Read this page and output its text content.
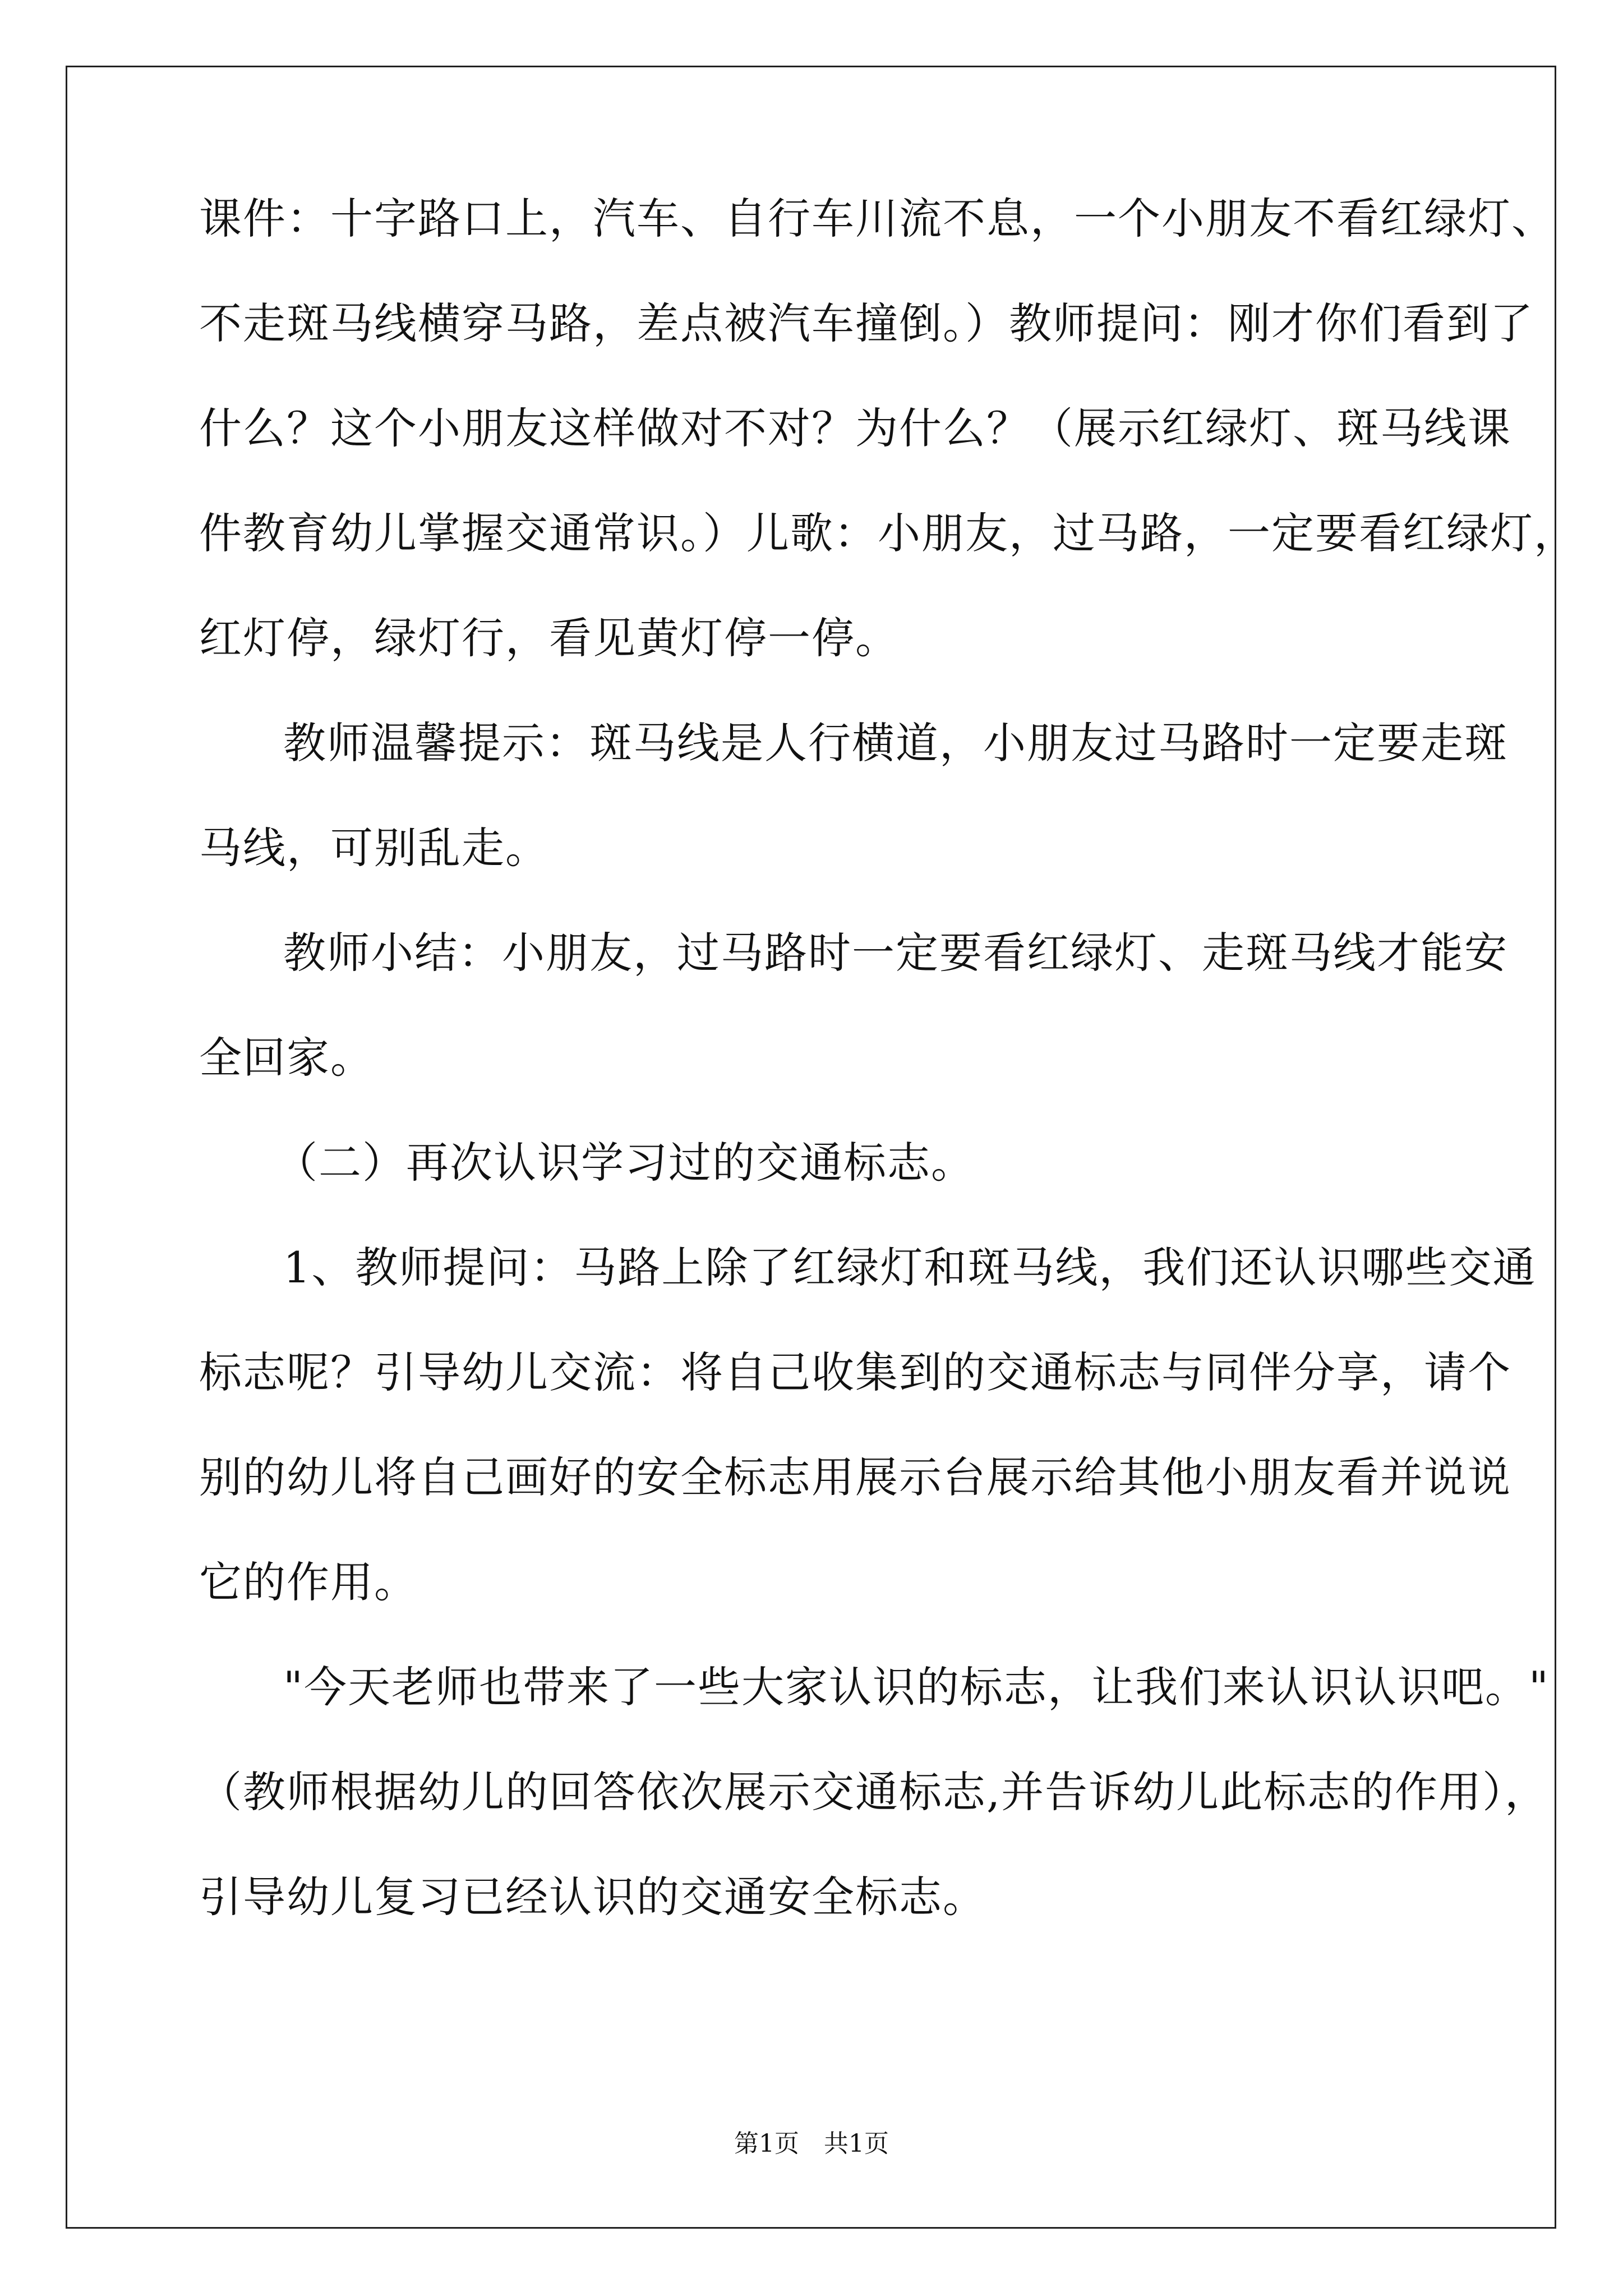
课件：十字路口上，汽车、自行车川流不息，一个小朋友不看红绿灯、
不走斑马线横穿马路，差点被汽车撞倒。）教师提问：刚才你们看到了
什么？这个小朋友这样做对不对？为什么？（展示红绿灯、斑马线课
件教育幼儿掌握交通常识。）儿歌：小朋友，过马路，一定要看红绿灯，
红灯停，绿灯行，看见黄灯停一停。
教师温馨提示：斑马线是人行横道，小朋友过马路时一定要走斑
马线，可别乱走。
教师小结：小朋友，过马路时一定要看红绿灯、走斑马线才能安
全回家。
（二）再次认识学习过的交通标志。
1、教师提问：马路上除了红绿灯和斑马线，我们还认识哪些交通
标志呢？引导幼儿交流：将自己收集到的交通标志与同伴分享，请个
别的幼儿将自己画好的安全标志用展示台展示给其他小朋友看并说说
它的作用。
"今天老师也带来了一些大家认识的标志，让我们来认识认识吧。"
（教师根据幼儿的回答依次展示交通标志,并告诉幼儿此标志的作用），
引导幼儿复习已经认识的交通安全标志。
第1页　共1页
